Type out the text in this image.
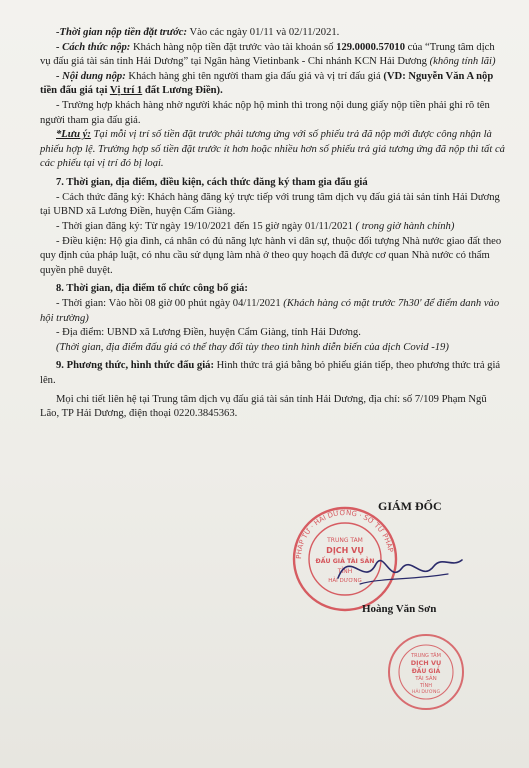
-Thời gian nộp tiền đặt trước: Vào các ngày 01/11 và 02/11/2021.

- Cách thức nộp: Khách hàng nộp tiền đặt trước vào tài khoản số 129.0000.57010 của “Trung tâm dịch vụ đấu giá tài sản tỉnh Hải Dương” tại Ngân hàng Vietinbank - Chi nhánh KCN Hải Dương (không tính lãi)

- Nội dung nộp: Khách hàng ghi tên người tham gia đấu giá và vị trí đấu giá (VD: Nguyễn Văn A nộp tiền đấu giá tại Vị trí 1 đất Lương Điền).

- Trường hợp khách hàng nhờ người khác nộp hộ mình thì trong nội dung giấy nộp tiền phải ghi rõ tên người tham gia đấu giá.

*Lưu ý: Tại mỗi vị trí số tiền đặt trước phải tương ứng với số phiếu trả đã nộp mới được công nhận là phiếu hợp lệ. Trường hợp số tiền đặt trước ít hơn hoặc nhiều hơn số phiếu trả giá tương ứng đã nộp thì tất cả các phiếu tại vị trí đó bị loại.

7. Thời gian, địa điểm, điều kiện, cách thức đăng ký tham gia đấu giá

- Cách thức đăng ký: Khách hàng đăng ký trực tiếp với trung tâm dịch vụ đấu giá tài sản tỉnh Hải Dương tại UBND xã Lương Điền, huyện Cẩm Giàng.

- Thời gian đăng ký: Từ ngày 19/10/2021 đến 15 giờ ngày 01/11/2021 ( trong giờ hành chính)

- Điều kiện: Hộ gia đình, cá nhân có đủ năng lực hành vi dân sự, thuộc đối tượng Nhà nước giao đất theo quy định của pháp luật, có nhu cầu sử dụng làm nhà ở theo quy hoạch đã được cơ quan Nhà nước có thẩm quyền phê duyệt.

8. Thời gian, địa điểm tổ chức công bố giá:

- Thời gian: Vào hồi 08 giờ 00 phút ngày 04/11/2021 (Khách hàng có mặt trước 7h30' để điểm danh vào hội trường)

- Địa điểm: UBND xã Lương Điền, huyện Cẩm Giàng, tỉnh Hải Dương.

(Thời gian, địa điểm đấu giá có thể thay đổi tùy theo tình hình diễn biến của dịch Covid -19)

9. Phương thức, hình thức đấu giá: Hình thức trả giá bằng bỏ phiếu gián tiếp, theo phương thức trả giá lên.

Mọi chi tiết liên hệ tại Trung tâm dịch vụ đấu giá tài sản tỉnh Hải Dương, địa chỉ: số 7/109 Phạm Ngũ Lão, TP Hải Dương, điện thoại 0220.3845363.

PHÁP TƯ · HẢI DƯƠNG · SỞ TƯ PHÁP
TRUNG TÂM
DỊCH VỤ
ĐẤU GIÁ TÀI SẢN
TỈNH
HẢI DƯƠNG
GIÁM ĐỐC
Hoàng Văn Sơn
TRUNG TÂM
DỊCH VỤ
ĐẤU GIÁ
TÀI SẢN
TỈNH
HẢI DƯƠNG
